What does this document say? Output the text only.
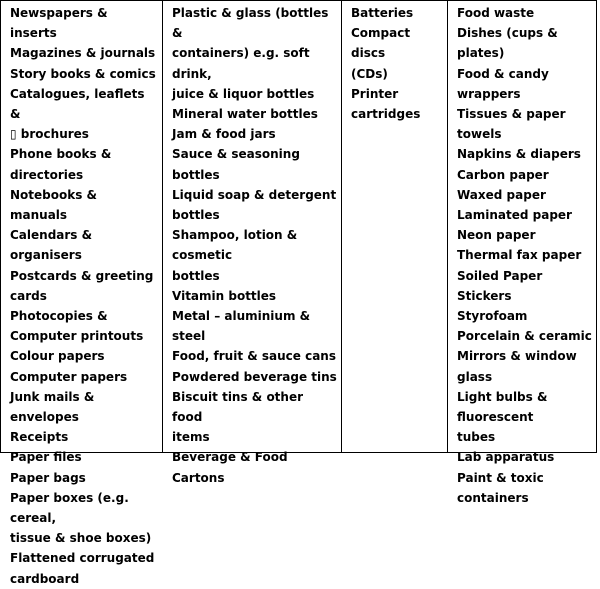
Newspapers & inserts

Magazines & journals

Story books & comics

Catalogues, leaflets &
▯ brochures

Phone books &
directories

Notebooks & manuals

Calendars & organisers

Postcards & greeting
cards

Photocopies &
Computer printouts

Colour papers

Computer papers

Junk mails & envelopes

Receipts

Paper files

Paper bags

Paper boxes (e.g. cereal,
tissue & shoe boxes)

Flattened corrugated
cardboard

Plastic & glass (bottles &
containers) e.g. soft drink,
juice & liquor bottles

Mineral water bottles

Jam & food jars

Sauce & seasoning bottles

Liquid soap & detergent
bottles

Shampoo, lotion &
cosmetic
bottles

Vitamin bottles

Metal – aluminium & steel

Food, fruit & sauce cans

Powdered beverage tins

Biscuit tins & other food
items

Beverage & Food Cartons

Batteries

Compact discs
(CDs)

Printer
cartridges

Food waste

Dishes (cups & plates)

Food & candy
wrappers

Tissues & paper towels

Napkins & diapers

Carbon paper

Waxed paper

Laminated paper

Neon paper

Thermal fax paper

Soiled Paper

Stickers

Styrofoam

Porcelain & ceramic

Mirrors & window glass

Light bulbs &
fluorescent
tubes

Lab apparatus

Paint & toxic
containers
